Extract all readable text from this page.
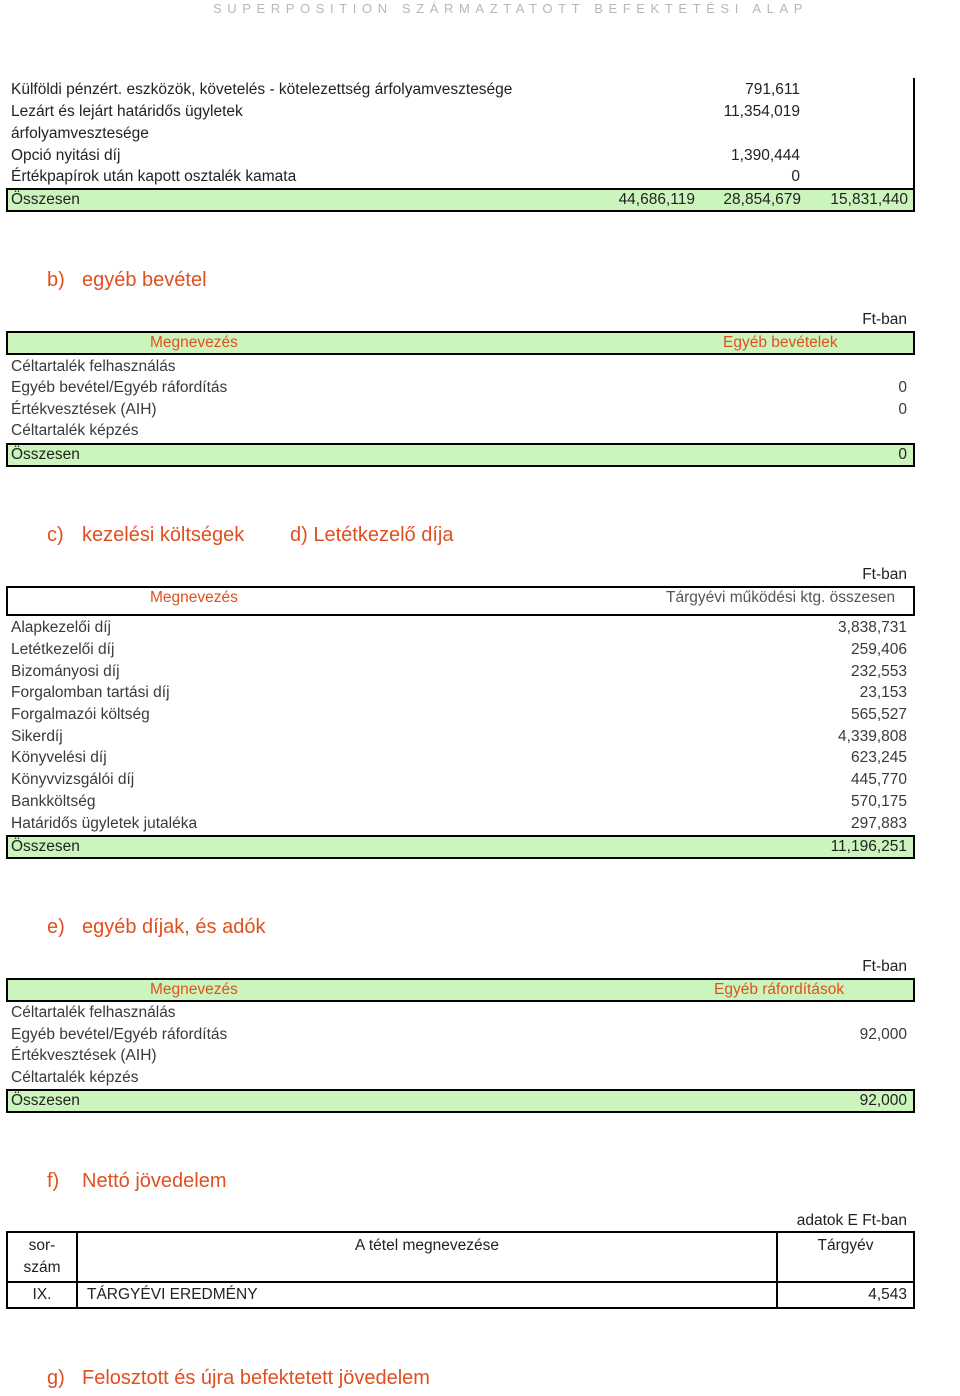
SUPERPOSITION SZÁRMAZTATOTT BEFEKTETÉSI ALAP
Külföldi pénzért. eszközök, követelés - kötelezettség árfolyamvesztesége	791,611
Lezárt és lejárt határidős ügyletek	11,354,019
árfolyamvesztesége
Opció nyitási díj	1,390,444
Értékpapírok után kapott osztalék kamata	0
Összesen	44,686,119	28,854,679	15,831,440
b) egyéb bevétel
Ft-ban
Megnevezés	Egyéb bevételek
Céltartalék felhasználás
Egyéb bevétel/Egyéb ráfordítás	0
Értékvesztések (AIH)	0
Céltartalék képzés
Összesen	0
c) kezelési költségek d) Letétkezelő díja
Ft-ban
Megnevezés	Tárgyévi működési ktg. összesen
Alapkezelői díj	3,838,731
Letétkezelői díj	259,406
Bizományosi díj	232,553
Forgalomban tartási díj	23,153
Forgalmazói költség	565,527
Sikerdíj	4,339,808
Könyvelési díj	623,245
Könyvvizsgálói díj	445,770
Bankköltség	570,175
Határidős ügyletek jutaléka	297,883
Összesen	11,196,251
e) egyéb díjak, és adók
Ft-ban
Megnevezés	Egyéb ráfordítások
Céltartalék felhasználás
Egyéb bevétel/Egyéb ráfordítás	92,000
Értékvesztések (AIH)
Céltartalék képzés
Összesen	92,000
f) Nettó jövedelem
adatok E Ft-ban
sor-
szám
A tétel megnevezése	Tárgyév
IX.	TÁRGYÉVI EREDMÉNY	4,543
g) Felosztott és újra befektetett jövedelem
